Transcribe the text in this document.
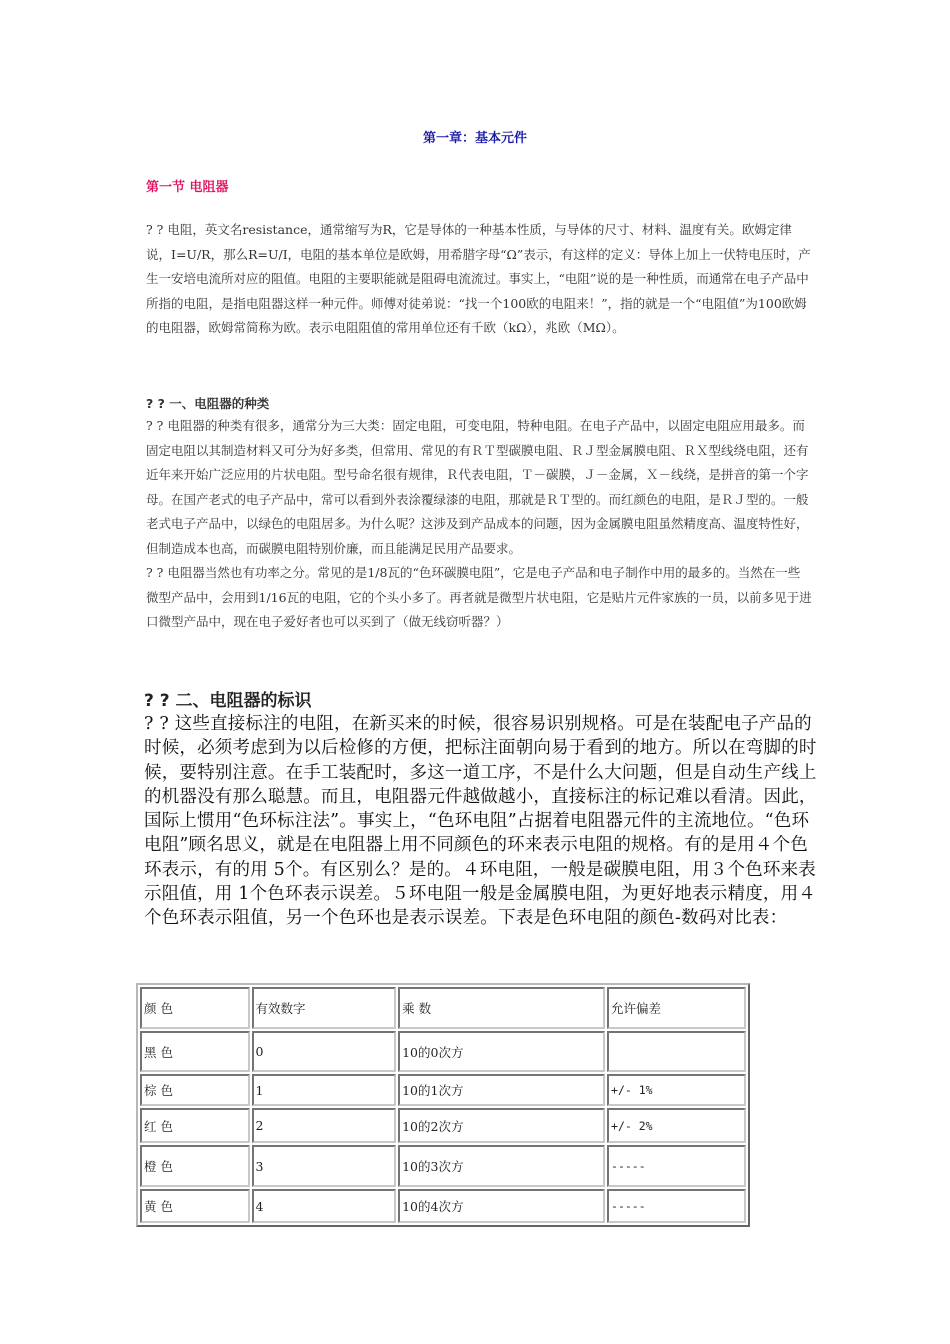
第一章：基本元件
第一节 电阻器

? ? 电阻，英文名resistance，通常缩写为R，它是导体的一种基本性质，与导体的尺寸、材料、温度有关。欧姆定律说，I=U/R，那么R=U/I，电阻的基本单位是欧姆，用希腊字母“Ω”表示，有这样的定义：导体上加上一伏特电压时，产生一安培电流所对应的阻值。电阻的主要职能就是阻碍电流流过。事实上，“电阻”说的是一种性质，而通常在电子产品中所指的电阻，是指电阻器这样一种元件。师傅对徒弟说：“找一个100欧的电阻来！”，指的就是一个“电阻值”为100欧姆的电阻器，欧姆常简称为欧。表示电阻阻值的常用单位还有千欧（kΩ），兆欧（MΩ）。

? ? 一、电阻器的种类

? ? 电阻器的种类有很多，通常分为三大类：固定电阻，可变电阻，特种电阻。在电子产品中，以固定电阻应用最多。而固定电阻以其制造材料又可分为好多类，但常用、常见的有ＲＴ型碳膜电阻、ＲＪ型金属膜电阻、ＲＸ型线绕电阻，还有近年来开始广泛应用的片状电阻。型号命名很有规律，Ｒ代表电阻，Ｔ－碳膜，Ｊ－金属，Ｘ－线绕，是拼音的第一个字母。在国产老式的电子产品中，常可以看到外表涂覆绿漆的电阻，那就是ＲＴ型的。而红颜色的电阻，是ＲＪ型的。一般老式电子产品中，以绿色的电阻居多。为什么呢？这涉及到产品成本的问题，因为金属膜电阻虽然精度高、温度特性好，但制造成本也高，而碳膜电阻特别价廉，而且能满足民用产品要求。

? ? 电阻器当然也有功率之分。常见的是1/8瓦的“色环碳膜电阻”，它是电子产品和电子制作中用的最多的。当然在一些微型产品中，会用到1/16瓦的电阻，它的个头小多了。再者就是微型片状电阻，它是贴片元件家族的一员，以前多见于进口微型产品中，现在电子爱好者也可以买到了（做无线窃听器？）

? ? 二、电阻器的标识

? ? 这些直接标注的电阻，在新买来的时候，很容易识别规格。可是在装配电子产品的时候，必须考虑到为以后检修的方便，把标注面朝向易于看到的地方。所以在弯脚的时候，要特别注意。在手工装配时，多这一道工序，不是什么大问题，但是自动生产线上的机器没有那么聪慧。而且，电阻器元件越做越小，直接标注的标记难以看清。因此，国际上惯用“色环标注法”。事实上，“色环电阻”占据着电阻器元件的主流地位。“色环电阻”顾名思义，就是在电阻器上用不同颜色的环来表示电阻的规格。有的是用４个色环表示，有的用 5个。有区别么？是的。４环电阻，一般是碳膜电阻，用３个色环来表示阻值，用 1个色环表示误差。５环电阻一般是金属膜电阻，为更好地表示精度，用４个色环表示阻值，另一个色环也是表示误差。下表是色环电阻的颜色-数码对比表：

颜 色	有效数字	乘 数	允许偏差
黑 色	0	10的0次方	
棕 色	1	10的1次方	+/- 1%
红 色	2	10的2次方	+/- 2%
橙 色	3	10的3次方	-----
黄 色	4	10的4次方	-----
